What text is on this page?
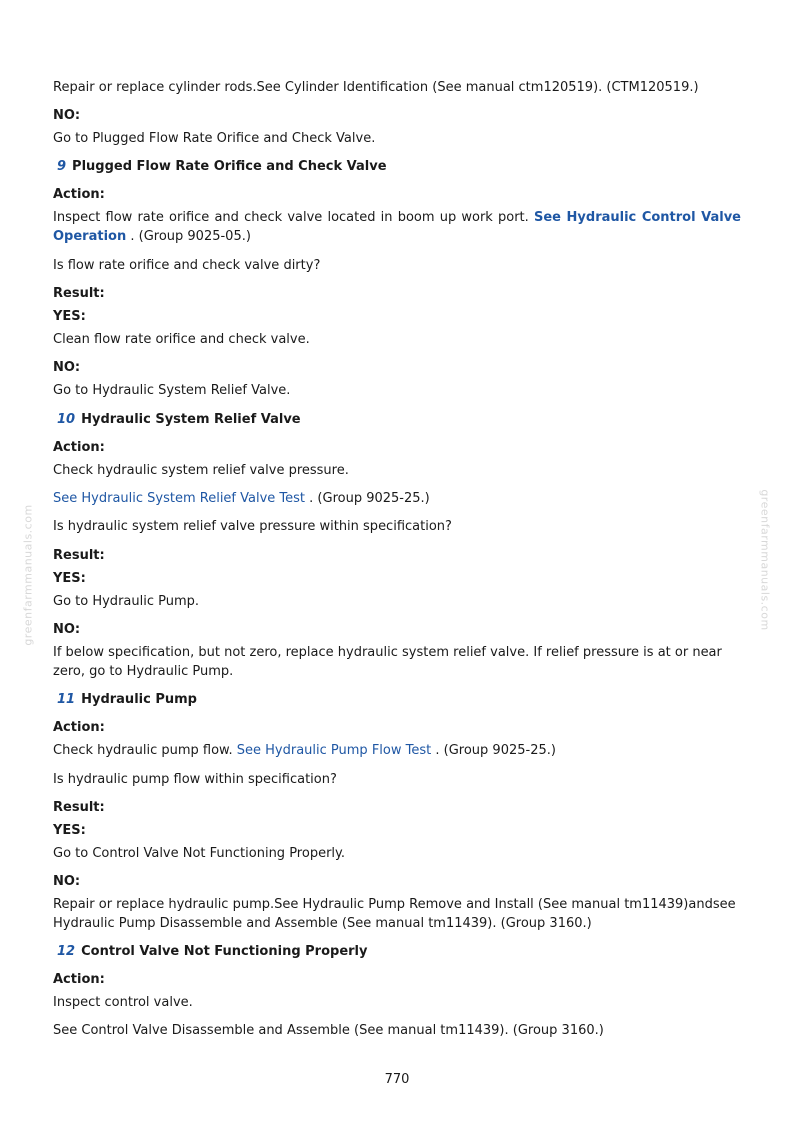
greenfarmmanuals.com	greenfarmmanuals.com

Repair or replace cylinder rods.See Cylinder Identification (See manual ctm120519). (CTM120519.)

NO:

Go to Plugged Flow Rate Orifice and Check Valve.

9 Plugged Flow Rate Orifice and Check Valve

Action:

Inspect flow rate orifice and check valve located in boom up work port. See Hydraulic Control Valve Operation . (Group 9025-05.)

Is flow rate orifice and check valve dirty?

Result:

YES:

Clean flow rate orifice and check valve.

NO:

Go to Hydraulic System Relief Valve.

10 Hydraulic System Relief Valve

Action:

Check hydraulic system relief valve pressure.

See Hydraulic System Relief Valve Test . (Group 9025-25.)

Is hydraulic system relief valve pressure within specification?

Result:

YES:

Go to Hydraulic Pump.

NO:

If below specification, but not zero, replace hydraulic system relief valve. If relief pressure is at or near zero, go to Hydraulic Pump.

11 Hydraulic Pump

Action:

Check hydraulic pump flow. See Hydraulic Pump Flow Test . (Group 9025-25.)

Is hydraulic pump flow within specification?

Result:

YES:

Go to Control Valve Not Functioning Properly.

NO:

Repair or replace hydraulic pump.See Hydraulic Pump Remove and Install (See manual tm11439)andsee Hydraulic Pump Disassemble and Assemble (See manual tm11439). (Group 3160.)

12 Control Valve Not Functioning Properly

Action:

Inspect control valve.

See Control Valve Disassemble and Assemble (See manual tm11439). (Group 3160.)

770
